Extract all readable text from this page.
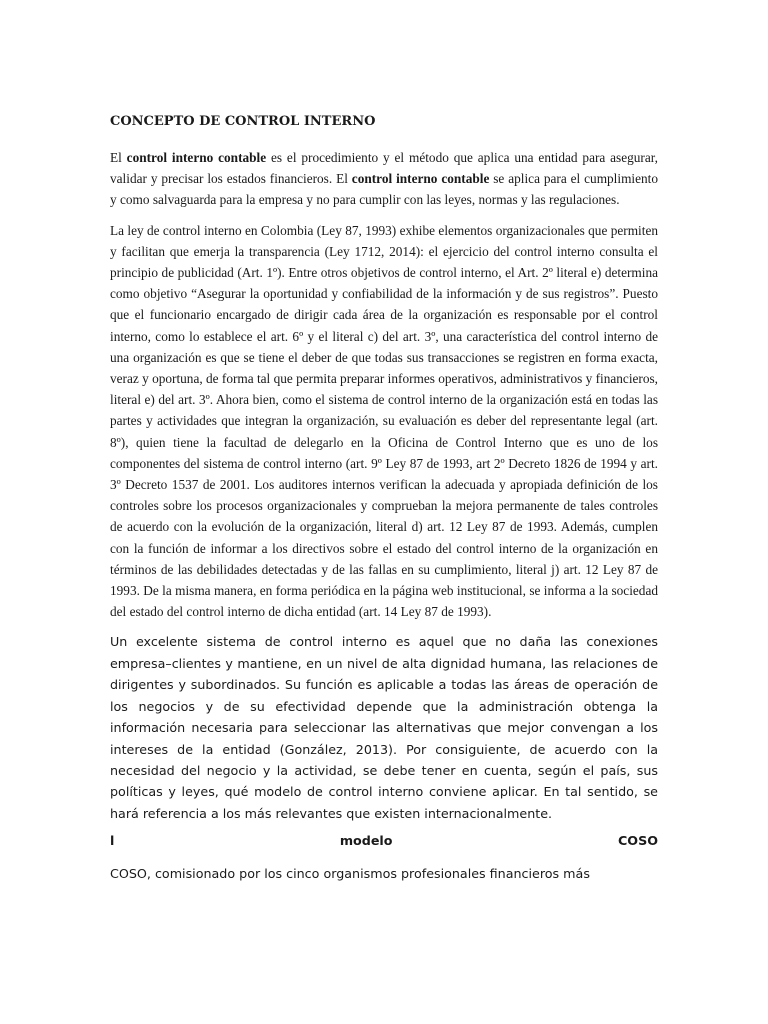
CONCEPTO DE CONTROL INTERNO

El control interno contable es el procedimiento y el método que aplica una entidad para asegurar, validar y precisar los estados financieros. El control interno contable se aplica para el cumplimiento y como salvaguarda para la empresa y no para cumplir con las leyes, normas y las regulaciones.

La ley de control interno en Colombia (Ley 87, 1993) exhibe elementos organizacionales que permiten y facilitan que emerja la transparencia (Ley 1712, 2014): el ejercicio del control interno consulta el principio de publicidad (Art. 1º). Entre otros objetivos de control interno, el Art. 2º literal e) determina como objetivo “Asegurar la oportunidad y confiabilidad de la información y de sus registros”. Puesto que el funcionario encargado de dirigir cada área de la organización es responsable por el control interno, como lo establece el art. 6º y el literal c) del art. 3º, una característica del control interno de una organización es que se tiene el deber de que todas sus transacciones se registren en forma exacta, veraz y oportuna, de forma tal que permita preparar informes operativos, administrativos y financieros, literal e) del art. 3º. Ahora bien, como el sistema de control interno de la organización está en todas las partes y actividades que integran la organización, su evaluación es deber del representante legal (art. 8º), quien tiene la facultad de delegarlo en la Oficina de Control Interno que es uno de los componentes del sistema de control interno (art. 9º Ley 87 de 1993, art 2º Decreto 1826 de 1994 y art. 3º Decreto 1537 de 2001. Los auditores internos verifican la adecuada y apropiada definición de los controles sobre los procesos organizacionales y comprueban la mejora permanente de tales controles de acuerdo con la evolución de la organización, literal d) art. 12 Ley 87 de 1993. Además, cumplen con la función de informar a los directivos sobre el estado del control interno de la organización en términos de las debilidades detectadas y de las fallas en su cumplimiento, literal j) art. 12 Ley 87 de 1993. De la misma manera, en forma periódica en la página web institucional, se informa a la sociedad del estado del control interno de dicha entidad (art. 14 Ley 87 de 1993).

Un excelente sistema de control interno es aquel que no daña las conexiones empresa–clientes y mantiene, en un nivel de alta dignidad humana, las relaciones de dirigentes y subordinados. Su función es aplicable a todas las áreas de operación de los negocios y de su efectividad depende que la administración obtenga la información necesaria para seleccionar las alternativas que mejor convengan a los intereses de la entidad (González, 2013). Por consiguiente, de acuerdo con la necesidad del negocio y la actividad, se debe tener en cuenta, según el país, sus políticas y leyes, qué modelo de control interno conviene aplicar. En tal sentido, se hará referencia a los más relevantes que existen internacionalmente.

l	modelo	COSO
COSO, comisionado por los cinco organismos profesionales financieros más
